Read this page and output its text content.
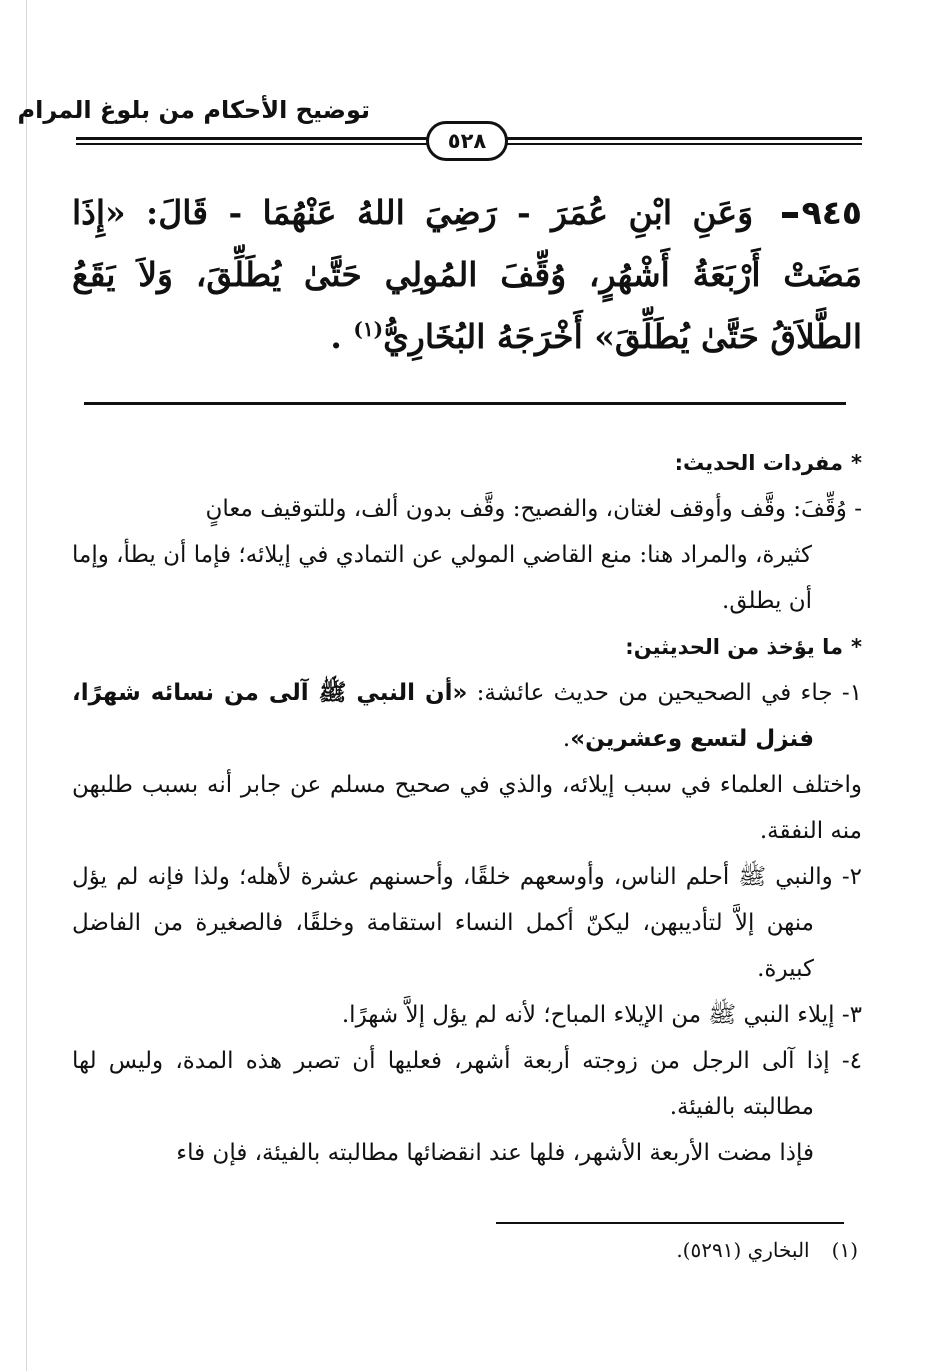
توضيح الأحكام من بلوغ المرام
٥٢٨
٩٤٥ وَعَنِ ابْنِ عُمَرَ - رَضِيَ اللهُ عَنْهُمَا - قَالَ: «إِذَا مَضَتْ أَرْبَعَةُ أَشْهُرٍ، وُقِّفَ المُولِي حَتَّىٰ يُطَلِّقَ، وَلاَ يَقَعُ الطَّلاَقُ حَتَّىٰ يُطَلِّقَ» أَخْرَجَهُ البُخَارِيُّ$^{(١)}$ .
*مفردات الحديث:

- وُقِّفَ: وقَّف وأوقف لغتان، والفصيح: وقَّف بدون ألف، وللتوقيف معانٍ

كثيرة، والمراد هنا: منع القاضي المولي عن التمادي في إيلائه؛ فإما أن يطأ، وإما أن يطلق.

*ما يؤخذ من الحديثين:

١- جاء في الصحيحين من حديث عائشة: «أن النبي ﷺ آلى من نسائه شهرًا، فنزل لتسع وعشرين».

واختلف العلماء في سبب إيلائه، والذي في صحيح مسلم عن جابر أنه بسبب طلبهن منه النفقة.

٢- والنبي ﷺ أحلم الناس، وأوسعهم خلقًا، وأحسنهم عشرة لأهله؛ ولذا فإنه لم يؤل منهن إلاَّ لتأديبهن، ليكنّ أكمل النساء استقامة وخلقًا، فالصغيرة من الفاضل كبيرة.

٣- إيلاء النبي ﷺ من الإيلاء المباح؛ لأنه لم يؤل إلاَّ شهرًا.

٤- إذا آلى الرجل من زوجته أربعة أشهر، فعليها أن تصبر هذه المدة، وليس لها مطالبته بالفيئة.

فإذا مضت الأربعة الأشهر، فلها عند انقضائها مطالبته بالفيئة، فإن فاء

(١)البخاري (٥٢٩١).
